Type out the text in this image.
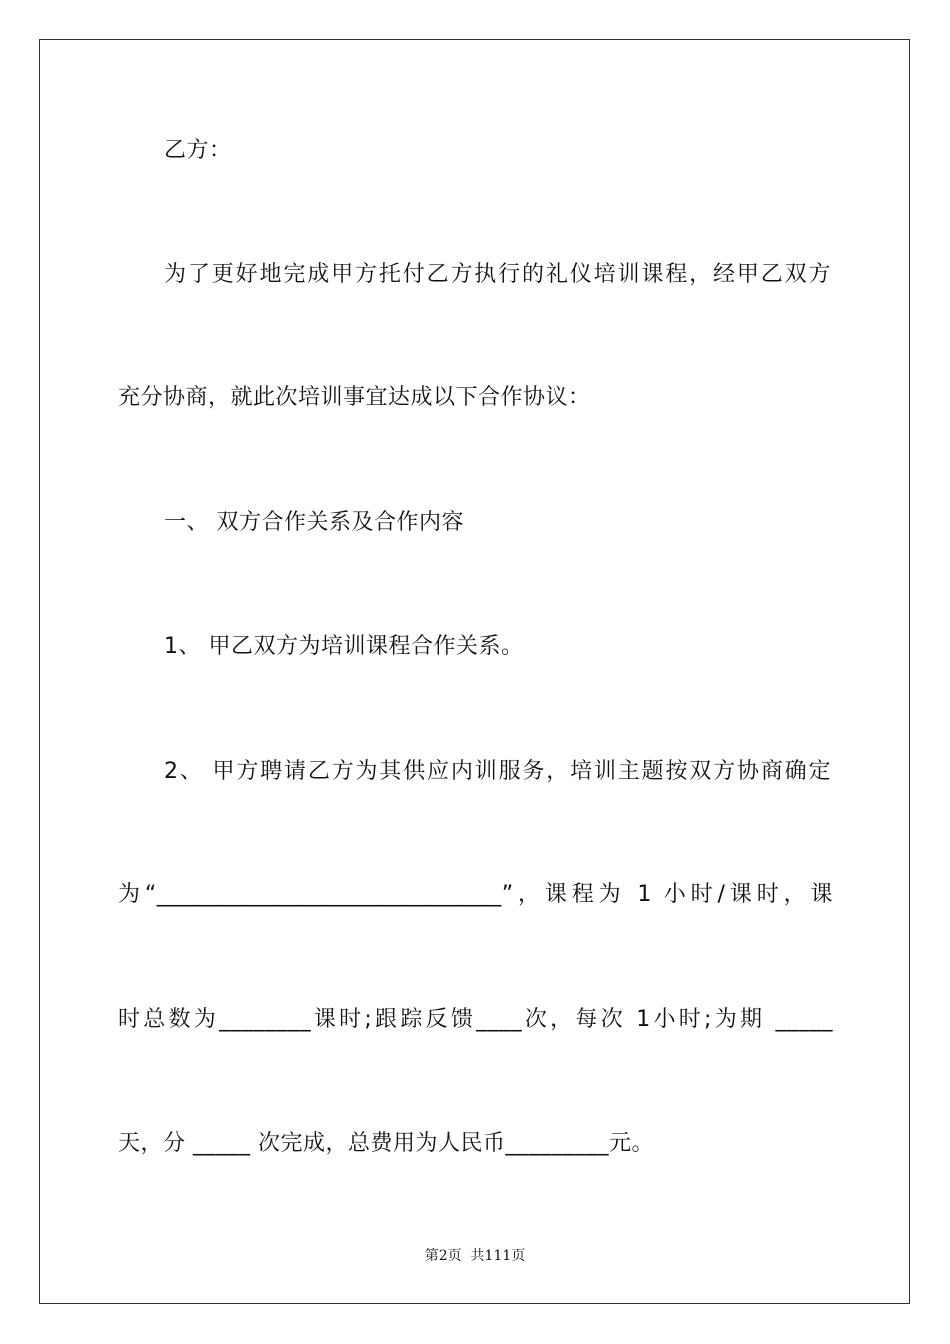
乙方：
为了更好地完成甲方托付乙方执行的礼仪培训课程，经甲乙双方
充分协商，就此次培训事宜达成以下合作协议：
一、 双方合作关系及合作内容
1、 甲乙双方为培训课程合作关系。
2、 甲方聘请乙方为其供应内训服务，培训主题按双方协商确定
为“______________________________”，课程为 1 小时/课时，课
时总数为________课时;跟踪反馈____次，每次 1小时;为期 _____
天，分 _____ 次完成，总费用为人民币_________元。
第2页  共111页
